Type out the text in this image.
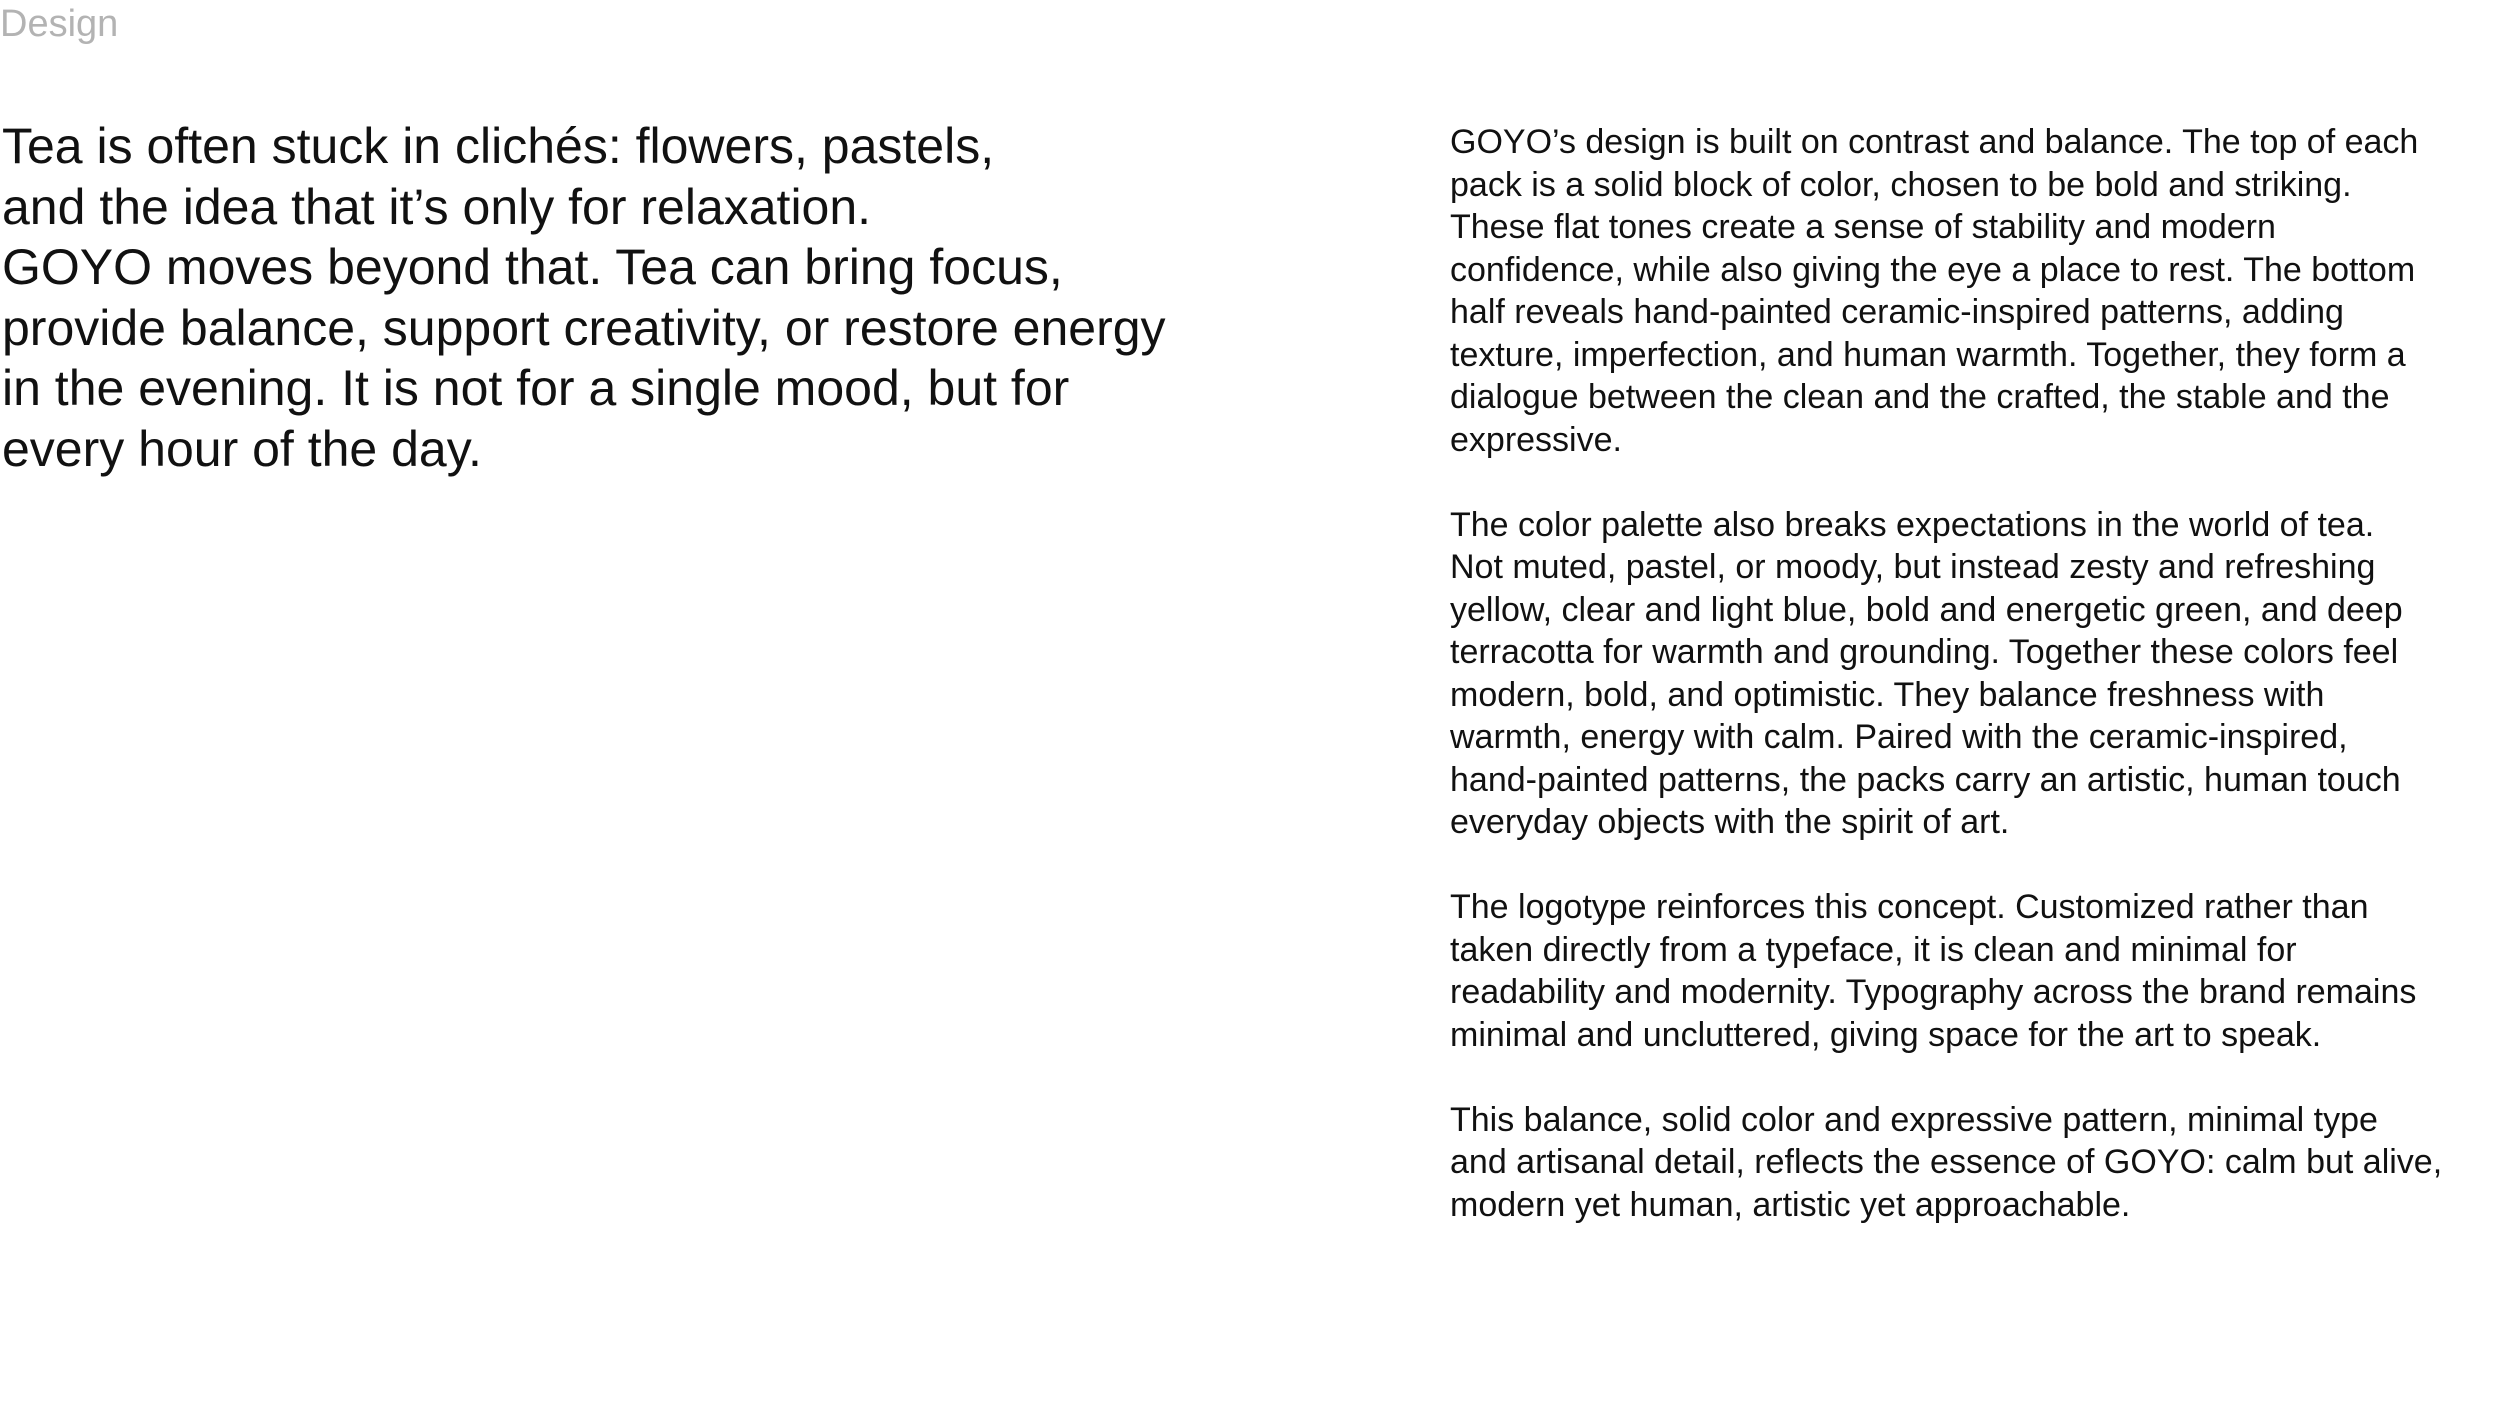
Design

Tea is often stuck in clichés: flowers, pastels,
and the idea that it’s only for relaxation.
GOYO moves beyond that. Tea can bring focus,
provide balance, support creativity, or restore energy
in the evening. It is not for a single mood, but for
every hour of the day.

GOYO’s design is built on contrast and balance. The top of each
pack is a solid block of color, chosen to be bold and striking.
These flat tones create a sense of stability and modern
confidence, while also giving the eye a place to rest. The bottom
half reveals hand-painted ceramic-inspired patterns, adding
texture, imperfection, and human warmth. Together, they form a
dialogue between the clean and the crafted, the stable and the
expressive.

The color palette also breaks expectations in the world of tea.
Not muted, pastel, or moody, but instead zesty and refreshing
yellow, clear and light blue, bold and energetic green, and deep
terracotta for warmth and grounding. Together these colors feel
modern, bold, and optimistic. They balance freshness with
warmth, energy with calm. Paired with the ceramic-inspired,
hand-painted patterns, the packs carry an artistic, human touch
everyday objects with the spirit of art.

The logotype reinforces this concept. Customized rather than
taken directly from a typeface, it is clean and minimal for
readability and modernity. Typography across the brand remains
minimal and uncluttered, giving space for the art to speak.

This balance, solid color and expressive pattern, minimal type
and artisanal detail, reflects the essence of GOYO: calm but alive,
modern yet human, artistic yet approachable.
